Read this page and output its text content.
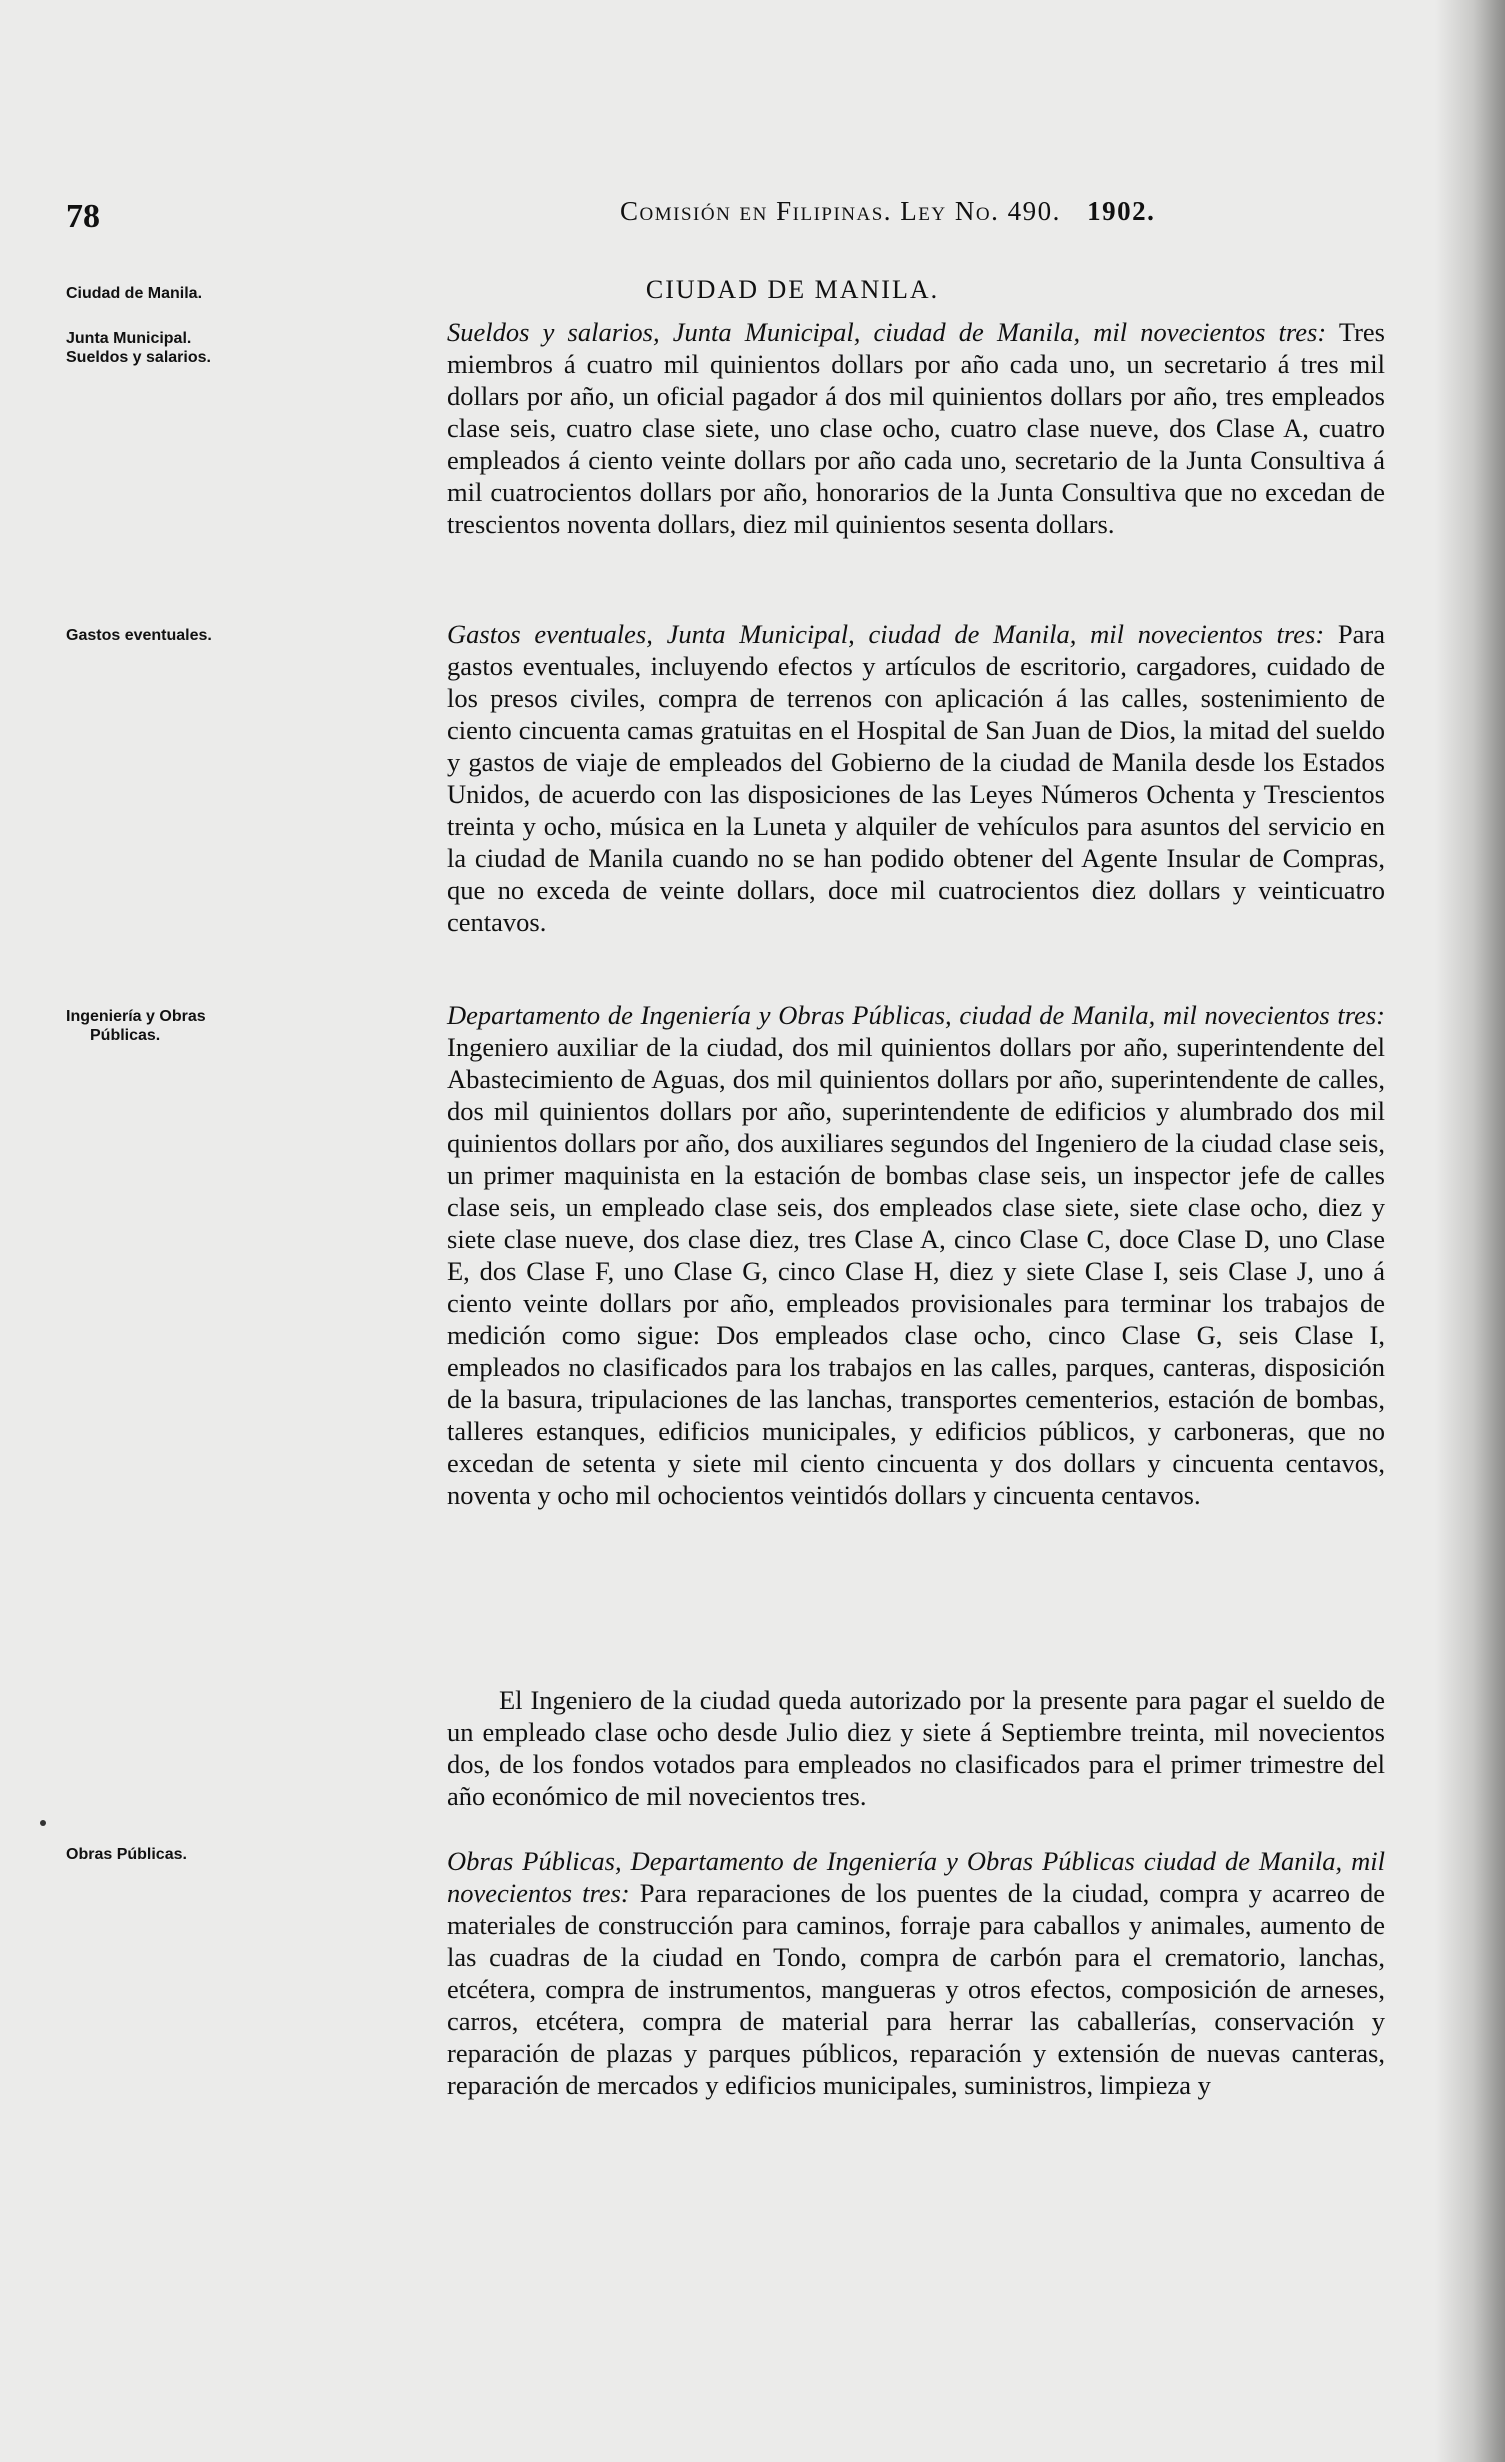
78	Comisión en Filipinas. Ley No. 490. 1902.
CIUDAD DE MANILA.
Ciudad de Manila.
Junta Municipal.
Sueldos y salarios.
Gastos eventuales.
Ingeniería y Obras
Públicas.
Obras Públicas.

Sueldos y salarios, Junta Municipal, ciudad de Manila, mil novecientos tres: Tres miembros á cuatro mil quinientos dollars por año cada uno, un secretario á tres mil dollars por año, un oficial pagador á dos mil quinientos dollars por año, tres empleados clase seis, cuatro clase siete, uno clase ocho, cuatro clase nueve, dos Clase A, cuatro empleados á ciento veinte dollars por año cada uno, secretario de la Junta Consultiva á mil cuatrocientos dollars por año, honorarios de la Junta Consultiva que no excedan de trescientos noventa dollars, diez mil quinientos sesenta dollars.

Gastos eventuales, Junta Municipal, ciudad de Manila, mil novecientos tres: Para gastos eventuales, incluyendo efectos y artículos de escritorio, cargadores, cuidado de los presos civiles, compra de terrenos con aplicación á las calles, sostenimiento de ciento cincuenta camas gratuitas en el Hospital de San Juan de Dios, la mitad del sueldo y gastos de viaje de empleados del Gobierno de la ciudad de Manila desde los Estados Unidos, de acuerdo con las disposiciones de las Leyes Números Ochenta y Trescientos treinta y ocho, música en la Luneta y alquiler de vehículos para asuntos del servicio en la ciudad de Manila cuando no se han podido obtener del Agente Insular de Compras, que no exceda de veinte dollars, doce mil cuatrocientos diez dollars y veinticuatro centavos.

Departamento de Ingeniería y Obras Públicas, ciudad de Manila, mil novecientos tres: Ingeniero auxiliar de la ciudad, dos mil quinientos dollars por año, superintendente del Abastecimiento de Aguas, dos mil quinientos dollars por año, superintendente de calles, dos mil quinientos dollars por año, superintendente de edificios y alumbrado dos mil quinientos dollars por año, dos auxiliares segundos del Ingeniero de la ciudad clase seis, un primer maquinista en la estación de bombas clase seis, un inspector jefe de calles clase seis, un empleado clase seis, dos empleados clase siete, siete clase ocho, diez y siete clase nueve, dos clase diez, tres Clase A, cinco Clase C, doce Clase D, uno Clase E, dos Clase F, uno Clase G, cinco Clase H, diez y siete Clase I, seis Clase J, uno á ciento veinte dollars por año, empleados provisionales para terminar los trabajos de medición como sigue: Dos empleados clase ocho, cinco Clase G, seis Clase I, empleados no clasificados para los trabajos en las calles, parques, canteras, disposición de la basura, tripulaciones de las lanchas, transportes cementerios, estación de bombas, talleres estanques, edificios municipales, y edificios públicos, y carboneras, que no excedan de setenta y siete mil ciento cincuenta y dos dollars y cincuenta centavos, noventa y ocho mil ochocientos veintidós dollars y cincuenta centavos.

El Ingeniero de la ciudad queda autorizado por la presente para pagar el sueldo de un empleado clase ocho desde Julio diez y siete á Septiembre treinta, mil novecientos dos, de los fondos votados para empleados no clasificados para el primer trimestre del año económico de mil novecientos tres.

Obras Públicas, Departamento de Ingeniería y Obras Públicas ciudad de Manila, mil novecientos tres: Para reparaciones de los puentes de la ciudad, compra y acarreo de materiales de construcción para caminos, forraje para caballos y animales, aumento de las cuadras de la ciudad en Tondo, compra de carbón para el crematorio, lanchas, etcétera, compra de instrumentos, mangueras y otros efectos, composición de arneses, carros, etcétera, compra de material para herrar las caballerías, conservación y reparación de plazas y parques públicos, reparación y extensión de nuevas canteras, reparación de mercados y edificios municipales, suministros, limpieza y
